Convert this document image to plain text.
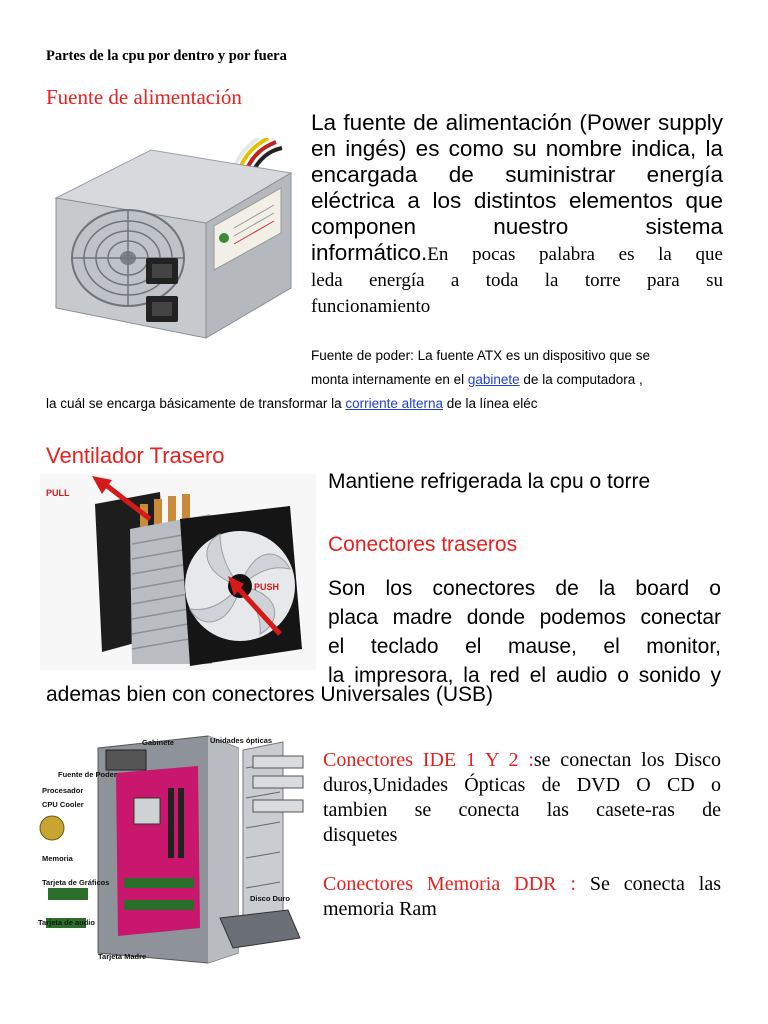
Partes de la cpu por dentro y por fuera
Fuente de alimentación
La fuente de alimentación (Power supply
en ingés) es como su nombre indica, la
encargada de suministrar energía
eléctrica a los distintos elementos que
componen nuestro sistema
informático.En pocas palabra es la que
leda energía a toda la torre para su
funcionamiento
Fuente de poder: La fuente ATX es un dispositivo que se
monta internamente en el gabinete de la computadora ,
la cuál se encarga básicamente de transformar la corriente alterna de la línea eléc
Ventilador Trasero
PULL
PUSH
Mantiene refrigerada la cpu o torre
Conectores traseros
Son los conectores de la board o
placa madre donde podemos conectar
el teclado el mause, el monitor,
la impresora, la red el audio o sonido y
ademas bien con conectores Universales (USB)
Gabinete	Unidades ópticas
Fuente de Poder
Procesador
CPU Cooler
Memoria
Tarjeta de Gráficos
Disco Duro
Tarjeta de audio
Tarjeta Madre
Conectores IDE 1 Y 2 :se conectan los Disco
duros,Unidades Ópticas de DVD O CD o
tambien se conecta las casete-ras de
disquetes
Conectores Memoria DDR : Se conecta las
memoria Ram
